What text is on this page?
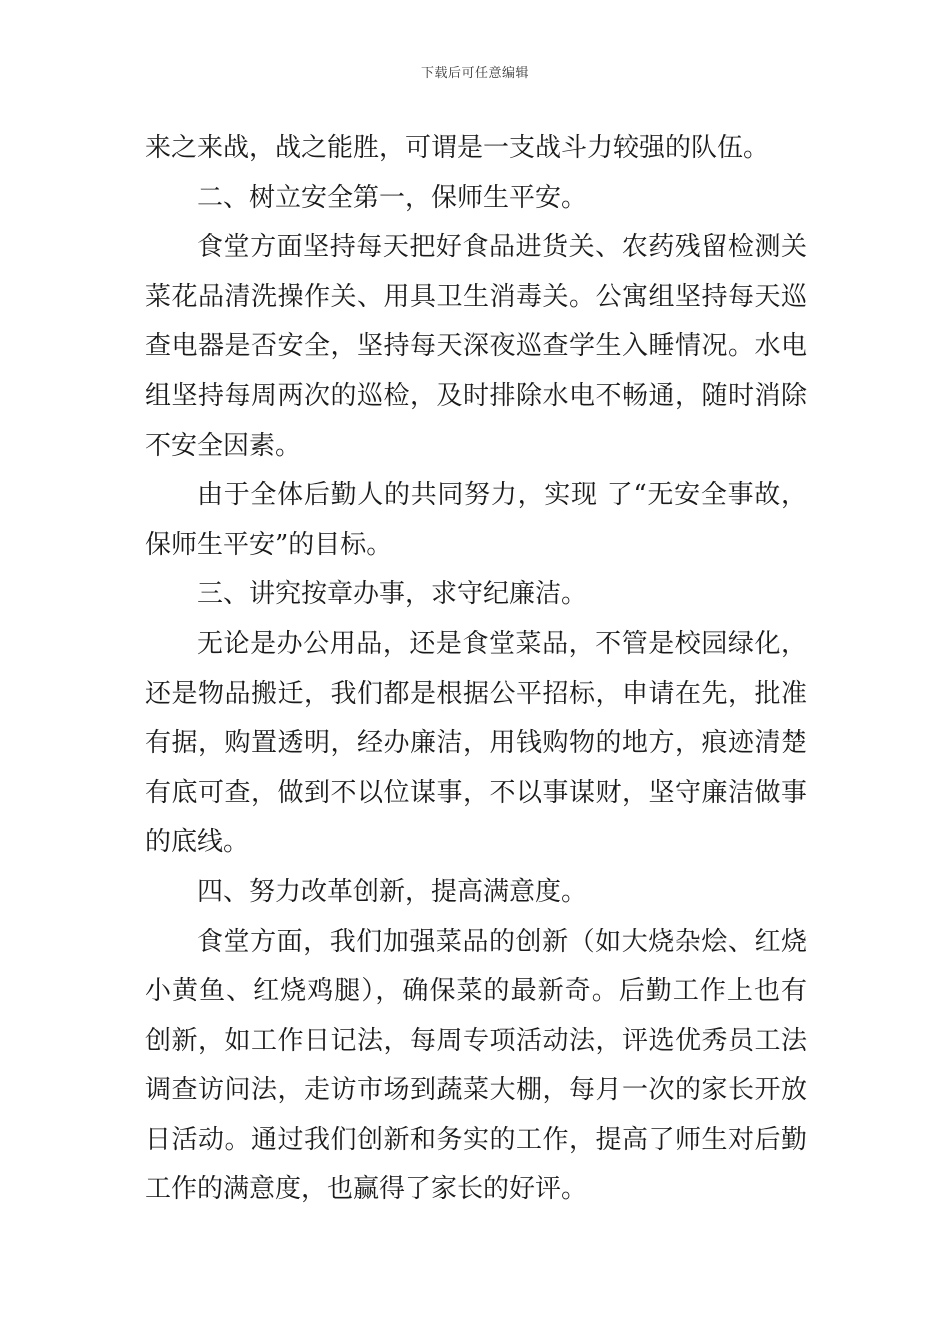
下载后可任意编辑
来之来战，战之能胜，可谓是一支战斗力较强的队伍。
二、树立安全第一，保师生平安。
食堂方面坚持每天把好食品进货关、农药残留检测关
菜花品清洗操作关、用具卫生消毒关。公寓组坚持每天巡
查电器是否安全，坚持每天深夜巡查学生入睡情况。水电
组坚持每周两次的巡检，及时排除水电不畅通，随时消除
不安全因素。
由于全体后勤人的共同努力，实现 了“无安全事故，
保师生平安”的目标。
三、讲究按章办事，求守纪廉洁。
无论是办公用品，还是食堂菜品，不管是校园绿化，
还是物品搬迁，我们都是根据公平招标，申请在先，批准
有据，购置透明，经办廉洁，用钱购物的地方，痕迹清楚
有底可查，做到不以位谋事，不以事谋财，坚守廉洁做事
的底线。
四、努力改革创新，提高满意度。
食堂方面，我们加强菜品的创新（如大烧杂烩、红烧
小黄鱼、红烧鸡腿），确保菜的最新奇。后勤工作上也有
创新，如工作日记法，每周专项活动法，评选优秀员工法
调查访问法，走访市场到蔬菜大棚，每月一次的家长开放
日活动。通过我们创新和务实的工作，提高了师生对后勤
工作的满意度，也赢得了家长的好评。
